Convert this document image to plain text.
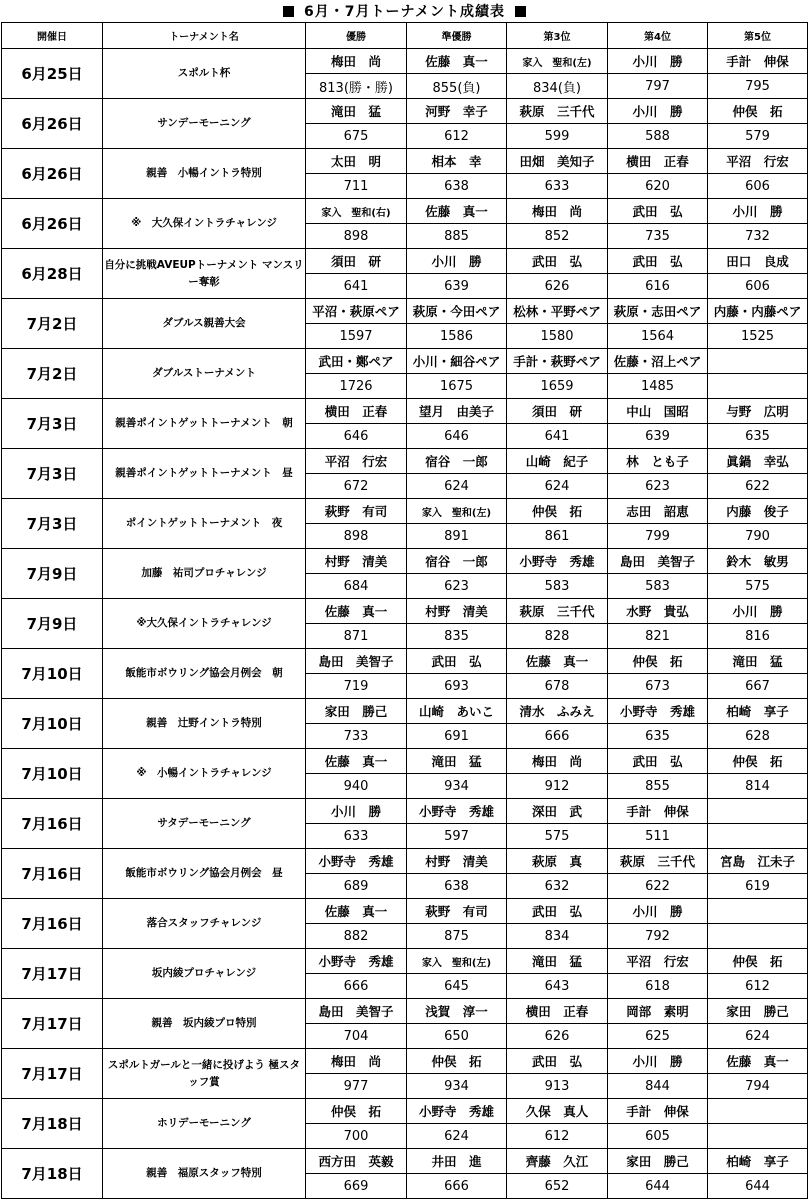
6月・7月トーナメント成績表
開催日	トーナメント名	優勝	準優勝	第3位	第4位	第5位
6月25日	スポルト杯	梅田　尚	佐藤　真一	家入　聖和(左)	小川　勝	手計　伸保
		813(勝・勝)	855(負)	834(負)	797	795
6月26日	サンデーモーニング	滝田　猛	河野　幸子	萩原　三千代	小川　勝	仲俣　拓
		675	612	599	588	579
6月26日	親善　小暢イントラ特別	太田　明	相本　幸	田畑　美知子	横田　正春	平沼　行宏
		711	638	633	620	606
6月26日	※　大久保イントラチャレンジ	家入　聖和(右)	佐藤　真一	梅田　尚	武田　弘	小川　勝
		898	885	852	735	732
6月28日	自分に挑戦AVEUPトーナメント マンスリー奪彰	須田　研	小川　勝	武田　弘	武田　弘	田口　良成
		641	639	626	616	606
7月2日	ダブルス親善大会	平沼・萩原ペア	萩原・今田ペア	松林・平野ペア	萩原・志田ペア	内藤・内藤ペア
		1597	1586	1580	1564	1525
7月2日	ダブルストーナメント	武田・鄭ペア	小川・細谷ペア	手計・萩野ペア	佐藤・沼上ペア	
		1726	1675	1659	1485	
7月3日	親善ポイントゲットトーナメント　朝	横田　正春	望月　由美子	須田　研	中山　国昭	与野　広明
		646	646	641	639	635
7月3日	親善ポイントゲットトーナメント　昼	平沼　行宏	宿谷　一郎	山崎　紀子	林　とも子	眞鍋　幸弘
		672	624	624	623	622
7月3日	ポイントゲットトーナメント　夜	萩野　有司	家入　聖和(左)	仲俣　拓	志田　詔恵	内藤　俊子
		898	891	861	799	790
7月9日	加藤　祐司プロチャレンジ	村野　清美	宿谷　一郎	小野寺　秀雄	島田　美智子	鈴木　敏男
		684	623	583	583	575
7月9日	※大久保イントラチャレンジ	佐藤　真一	村野　清美	萩原　三千代	水野　貴弘	小川　勝
		871	835	828	821	816
7月10日	飯能市ボウリング協会月例会　朝	島田　美智子	武田　弘	佐藤　真一	仲俣　拓	滝田　猛
		719	693	678	673	667
7月10日	親善　辻野イントラ特別	家田　勝己	山崎　あいこ	清水　ふみえ	小野寺　秀雄	柏崎　享子
		733	691	666	635	628
7月10日	※　小暢イントラチャレンジ	佐藤　真一	滝田　猛	梅田　尚	武田　弘	仲俣　拓
		940	934	912	855	814
7月16日	サタデーモーニング	小川　勝	小野寺　秀雄	深田　武	手計　伸保	
		633	597	575	511	
7月16日	飯能市ボウリング協会月例会　昼	小野寺　秀雄	村野　清美	萩原　真	萩原　三千代	宮島　江未子
		689	638	632	622	619
7月16日	落合スタッフチャレンジ	佐藤　真一	萩野　有司	武田　弘	小川　勝	
		882	875	834	792	
7月17日	坂内綾プロチャレンジ	小野寺　秀雄	家入　聖和(左)	滝田　猛	平沼　行宏	仲俣　拓
		666	645	643	618	612
7月17日	親善　坂内綾プロ特別	島田　美智子	浅賀　淳一	横田　正春	岡部　素明	家田　勝己
		704	650	626	625	624
7月17日	スポルトガールと一緒に投げよう 極スタッフ賞	梅田　尚	仲俣　拓	武田　弘	小川　勝	佐藤　真一
		977	934	913	844	794
7月18日	ホリデーモーニング	仲俣　拓	小野寺　秀雄	久保　真人	手計　伸保	
		700	624	612	605	
7月18日	親善　福原スタッフ特別	西方田　英毅	井田　進	齊藤　久江	家田　勝己	柏崎　享子
		669	666	652	644	644
